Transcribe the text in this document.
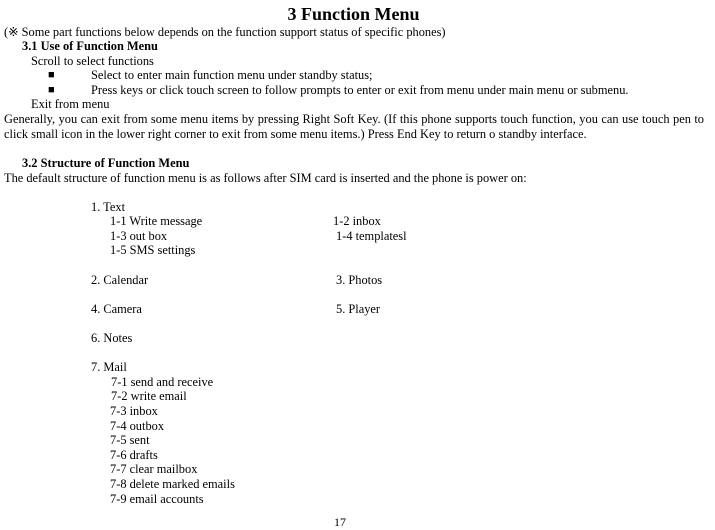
3 Function Menu
(※ Some part functions below depends on the function support status of specific phones)
3.1 Use of Function Menu
Scroll to select functions
■	Select to enter main function menu under standby status;
■	Press keys or click touch screen to follow prompts to enter or exit from menu under main menu or submenu.
Exit from menu
Generally, you can exit from some menu items by pressing Right Soft Key. (If this phone supports touch function, you can use touch pen to click small icon in the lower right corner to exit from some menu items.) Press End Key to return o standby interface.
3.2 Structure of Function Menu
The default structure of function menu is as follows after SIM card is inserted and the phone is power on:
1. Text
1-1 Write message	1-2 inbox
1-3 out box	1-4 templatesl
1-5 SMS settings
2. Calendar	3. Photos
4. Camera	5. Player
6. Notes
7. Mail
7-1 send and receive
7-2 write email
7-3 inbox
7-4 outbox
7-5 sent
7-6 drafts
7-7 clear mailbox
7-8 delete marked emails
7-9 email accounts
17
